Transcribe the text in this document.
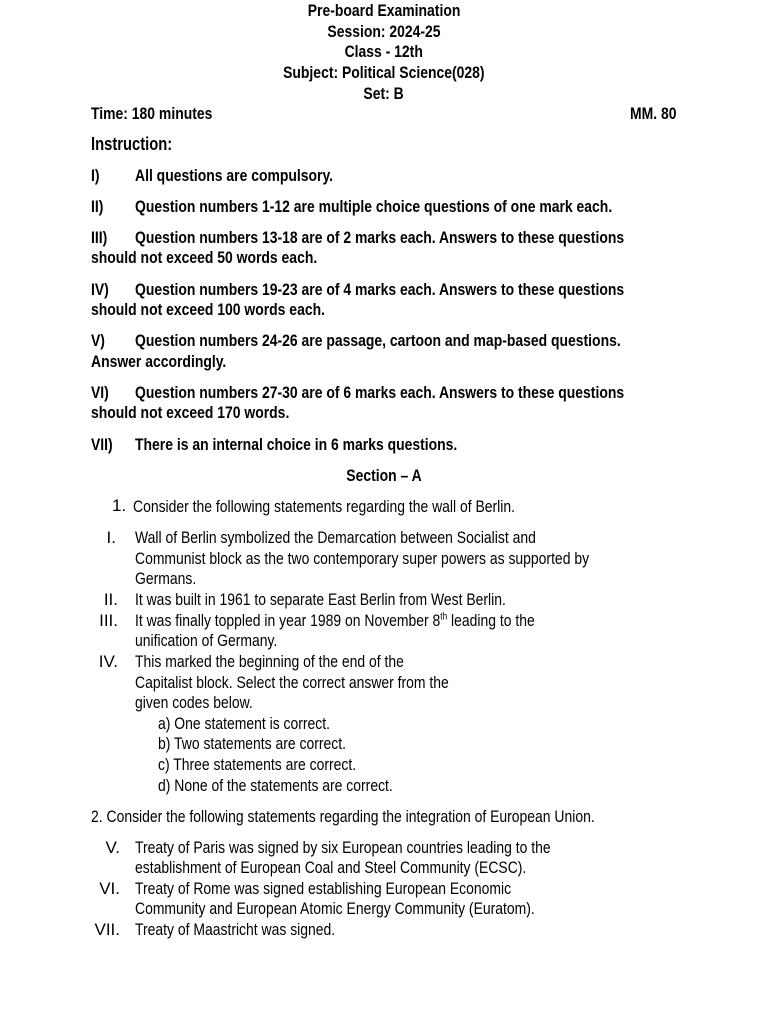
Pre-board Examination
Session: 2024-25
Class - 12th
Subject: Political Science(028)
Set: B
Time: 180 minutes	MM. 80
Instruction:
I) All questions are compulsory.
II) Question numbers 1-12 are multiple choice questions of one mark each.
III) Question numbers 13-18 are of 2 marks each. Answers to these questions
should not exceed 50 words each.
IV) Question numbers 19-23 are of 4 marks each. Answers to these questions
should not exceed 100 words each.
V) Question numbers 24-26 are passage, cartoon and map-based questions.
Answer accordingly.
VI) Question numbers 27-30 are of 6 marks each. Answers to these questions
should not exceed 170 words.
VII) There is an internal choice in 6 marks questions.
Section – A
1. Consider the following statements regarding the wall of Berlin.
I. Wall of Berlin symbolized the Demarcation between Socialist and
Communist block as the two contemporary super powers as supported by
Germans.
II. It was built in 1961 to separate East Berlin from West Berlin.
III. It was finally toppled in year 1989 on November 8th leading to the
unification of Germany.
IV. This marked the beginning of the end of the
Capitalist block. Select the correct answer from the
given codes below.
a) One statement is correct.
b) Two statements are correct.
c) Three statements are correct.
d) None of the statements are correct.
2. Consider the following statements regarding the integration of European Union.
V. Treaty of Paris was signed by six European countries leading to the
establishment of European Coal and Steel Community (ECSC).
VI. Treaty of Rome was signed establishing European Economic
Community and European Atomic Energy Community (Euratom).
VII. Treaty of Maastricht was signed.
